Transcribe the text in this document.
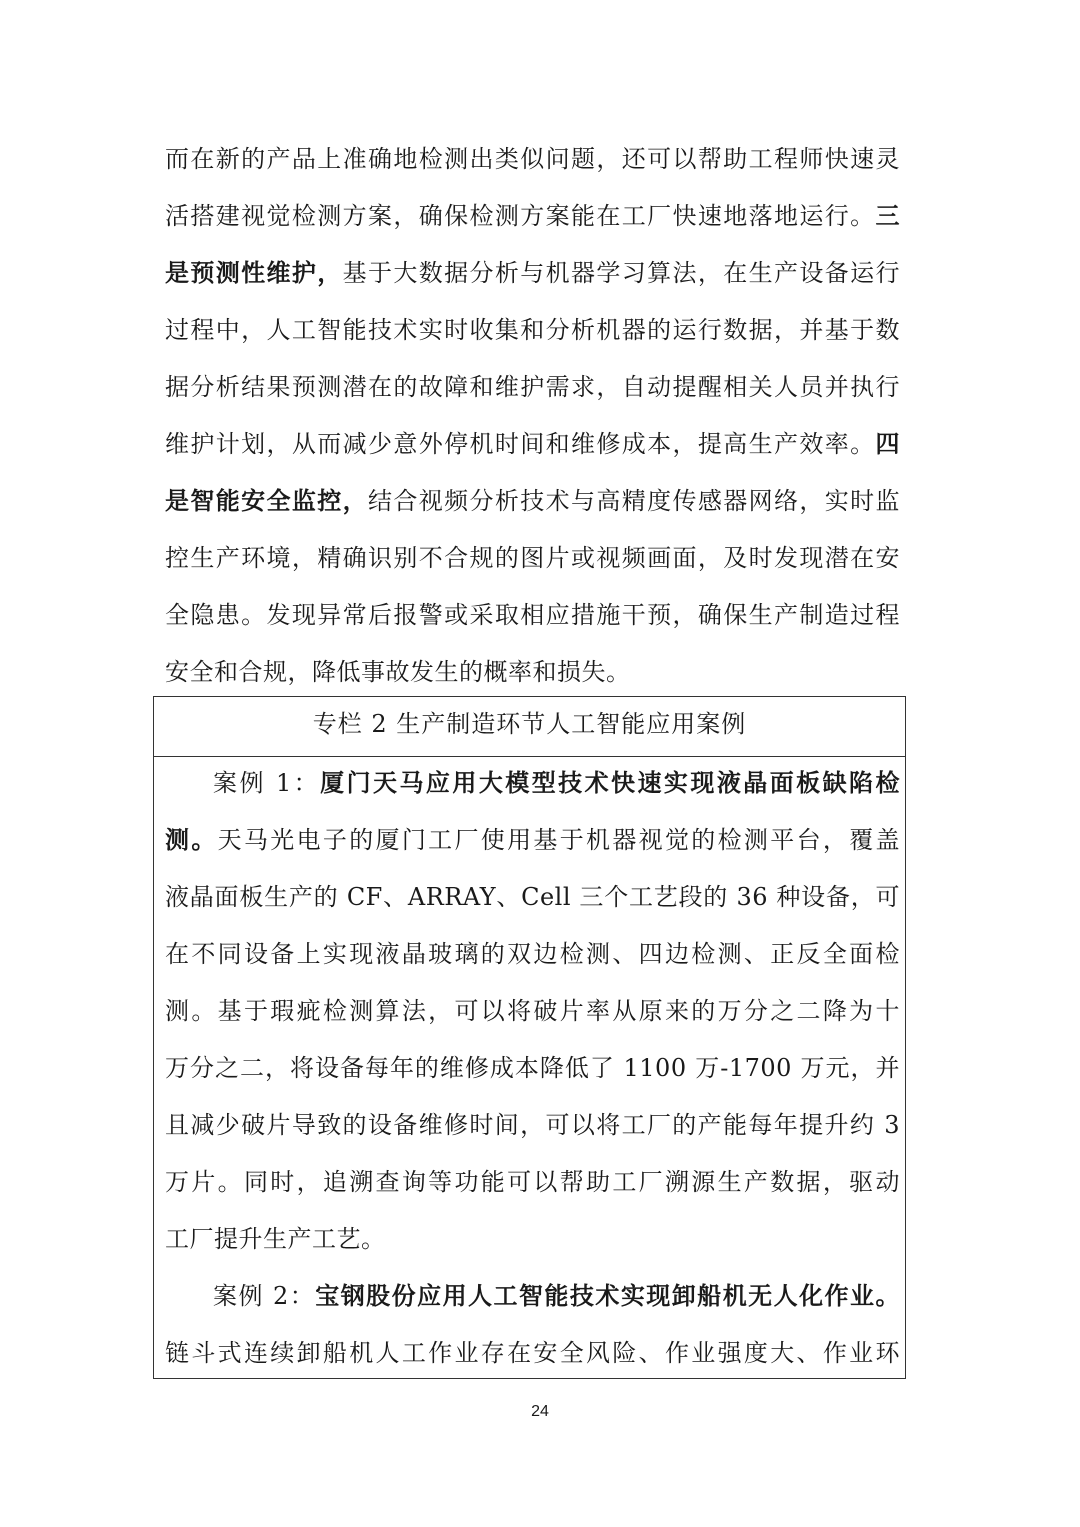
而在新的产品上准确地检测出类似问题，还可以帮助工程师快速灵
活搭建视觉检测方案，确保检测方案能在工厂快速地落地运行。三
是预测性维护，基于大数据分析与机器学习算法，在生产设备运行
过程中，人工智能技术实时收集和分析机器的运行数据，并基于数
据分析结果预测潜在的故障和维护需求，自动提醒相关人员并执行
维护计划，从而减少意外停机时间和维修成本，提高生产效率。四
是智能安全监控，结合视频分析技术与高精度传感器网络，实时监
控生产环境，精确识别不合规的图片或视频画面，及时发现潜在安
全隐患。发现异常后报警或采取相应措施干预，确保生产制造过程
安全和合规，降低事故发生的概率和损失。
专栏 2 生产制造环节人工智能应用案例
案例 1：厦门天马应用大模型技术快速实现液晶面板缺陷检
测。天马光电子的厦门工厂使用基于机器视觉的检测平台，覆盖
液晶面板生产的 CF、ARRAY、Cell 三个工艺段的 36 种设备，可
在不同设备上实现液晶玻璃的双边检测、四边检测、正反全面检
测。基于瑕疵检测算法，可以将破片率从原来的万分之二降为十
万分之二，将设备每年的维修成本降低了 1100 万-1700 万元，并
且减少破片导致的设备维修时间，可以将工厂的产能每年提升约 3
万片。同时，追溯查询等功能可以帮助工厂溯源生产数据，驱动
工厂提升生产工艺。
案例 2：宝钢股份应用人工智能技术实现卸船机无人化作业。
链斗式连续卸船机人工作业存在安全风险、作业强度大、作业环
24
